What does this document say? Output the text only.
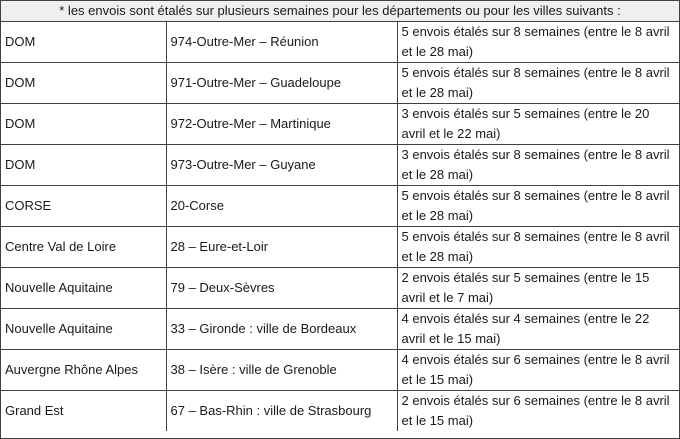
* les envois sont étalés sur plusieurs semaines pour les départements ou pour les villes suivants :
DOM	974-Outre-Mer – Réunion	5 envois étalés sur 8 semaines (entre le 8 avril et le 28 mai)
DOM	971-Outre-Mer – Guadeloupe	5 envois étalés sur 8 semaines (entre le 8 avril et le 28 mai)
DOM	972-Outre-Mer – Martinique	3 envois étalés sur 5 semaines (entre le 20 avril et le 22 mai)
DOM	973-Outre-Mer – Guyane	3 envois étalés sur 8 semaines (entre le 8 avril et le 28 mai)
CORSE	20-Corse	5 envois étalés sur 8 semaines (entre le 8 avril et le 28 mai)
Centre Val de Loire	28 – Eure-et-Loir	5 envois étalés sur 8 semaines (entre le 8 avril et le 28 mai)
Nouvelle Aquitaine	79 – Deux-Sèvres	2 envois étalés sur 5 semaines (entre le 15 avril et le 7 mai)
Nouvelle Aquitaine	33 – Gironde : ville de Bordeaux	4 envois étalés sur 4 semaines (entre le 22 avril et le 15 mai)
Auvergne Rhône Alpes	38 – Isère : ville de Grenoble	4 envois étalés sur 6 semaines (entre le 8 avril et le 15 mai)
Grand Est	67 – Bas-Rhin : ville de Strasbourg	2 envois étalés sur 6 semaines (entre le 8 avril et le 15 mai)
